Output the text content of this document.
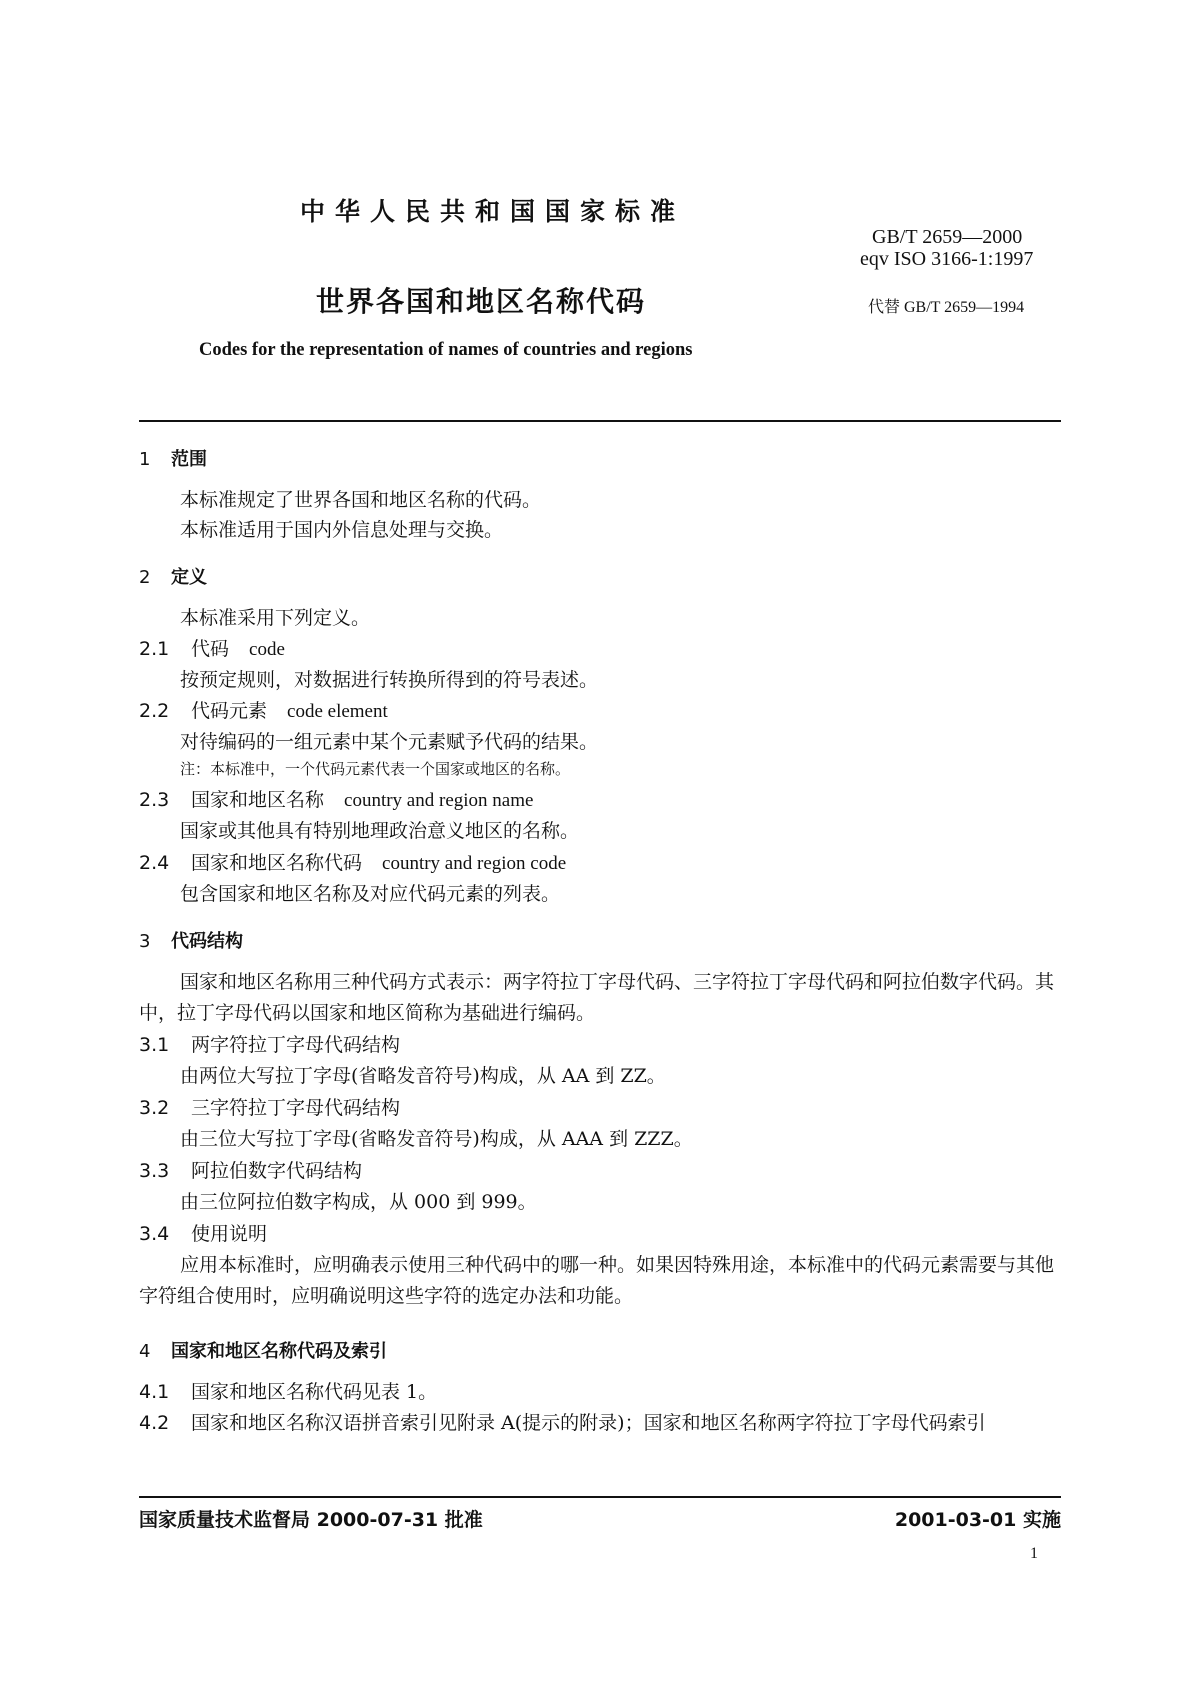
中华人民共和国国家标准
GB/T 2659—2000
eqv ISO 3166-1:1997
世界各国和地区名称代码	代替 GB/T 2659—1994
Codes for the representation of names of countries and regions
1 范围
本标准规定了世界各国和地区名称的代码。
本标准适用于国内外信息处理与交换。
2 定义
本标准采用下列定义。
2.1 代码 code
按预定规则，对数据进行转换所得到的符号表述。
2.2 代码元素 code element
对待编码的一组元素中某个元素赋予代码的结果。
注：本标准中，一个代码元素代表一个国家或地区的名称。
2.3 国家和地区名称 country and region name
国家或其他具有特别地理政治意义地区的名称。
2.4 国家和地区名称代码 country and region code
包含国家和地区名称及对应代码元素的列表。
3 代码结构
国家和地区名称用三种代码方式表示：两字符拉丁字母代码、三字符拉丁字母代码和阿拉伯数字代码。其中，拉丁字母代码以国家和地区简称为基础进行编码。
3.1 两字符拉丁字母代码结构
由两位大写拉丁字母(省略发音符号)构成，从 AA 到 ZZ。
3.2 三字符拉丁字母代码结构
由三位大写拉丁字母(省略发音符号)构成，从 AAA 到 ZZZ。
3.3 阿拉伯数字代码结构
由三位阿拉伯数字构成，从 000 到 999。
3.4 使用说明
应用本标准时，应明确表示使用三种代码中的哪一种。如果因特殊用途，本标准中的代码元素需要与其他字符组合使用时，应明确说明这些字符的选定办法和功能。
4 国家和地区名称代码及索引
4.1 国家和地区名称代码见表 1。
4.2 国家和地区名称汉语拼音索引见附录 A(提示的附录)；国家和地区名称两字符拉丁字母代码索引
国家质量技术监督局 2000-07-31 批准	2001-03-01 实施
1
